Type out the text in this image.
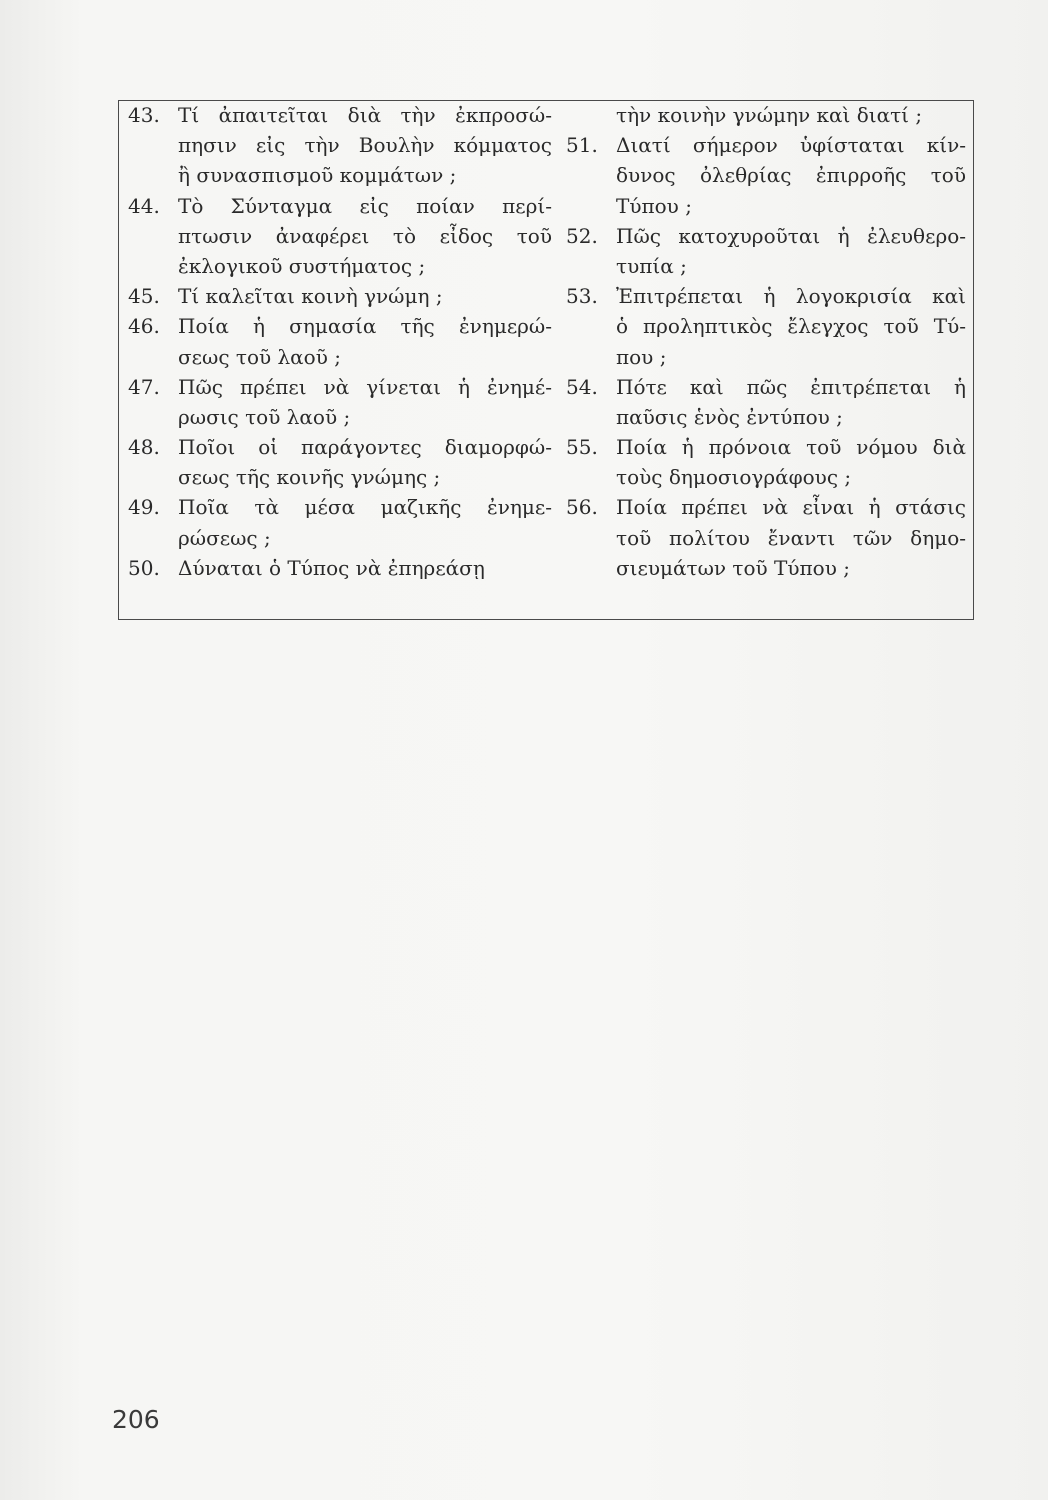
43. Τί ἀπαιτεῖται διὰ τὴν ἐκπροσώ-
πησιν εἰς τὴν Βουλὴν κόμματος
ἢ συνασπισμοῦ κομμάτων ;
44. Τὸ Σύνταγμα εἰς ποίαν περί-
πτωσιν ἀναφέρει τὸ εἶδος τοῦ
ἐκλογικοῦ συστήματος ;
45. Τί καλεῖται κοινὴ γνώμη ;
46. Ποία ἡ σημασία τῆς ἐνημερώ-
σεως τοῦ λαοῦ ;
47. Πῶς πρέπει νὰ γίνεται ἡ ἐνημέ-
ρωσις τοῦ λαοῦ ;
48. Ποῖοι οἱ παράγοντες διαμορφώ-
σεως τῆς κοινῆς γνώμης ;
49. Ποῖα τὰ μέσα μαζικῆς ἐνημε-
ρώσεως ;
50. Δύναται ὁ Τύπος νὰ ἐπηρεάσῃ
τὴν κοινὴν γνώμην καὶ διατί ;
51. Διατί σήμερον ὑφίσταται κίν-
δυνος ὀλεθρίας ἐπιρροῆς τοῦ
Τύπου ;
52. Πῶς κατοχυροῦται ἡ ἐλευθερο-
τυπία ;
53. Ἐπιτρέπεται ἡ λογοκρισία καὶ
ὁ προληπτικὸς ἔλεγχος τοῦ Τύ-
που ;
54. Πότε καὶ πῶς ἐπιτρέπεται ἡ
παῦσις ἑνὸς ἐντύπου ;
55. Ποία ἡ πρόνοια τοῦ νόμου διὰ
τοὺς δημοσιογράφους ;
56. Ποία πρέπει νὰ εἶναι ἡ στάσις
τοῦ πολίτου ἔναντι τῶν δημο-
σιευμάτων τοῦ Τύπου ;
206
